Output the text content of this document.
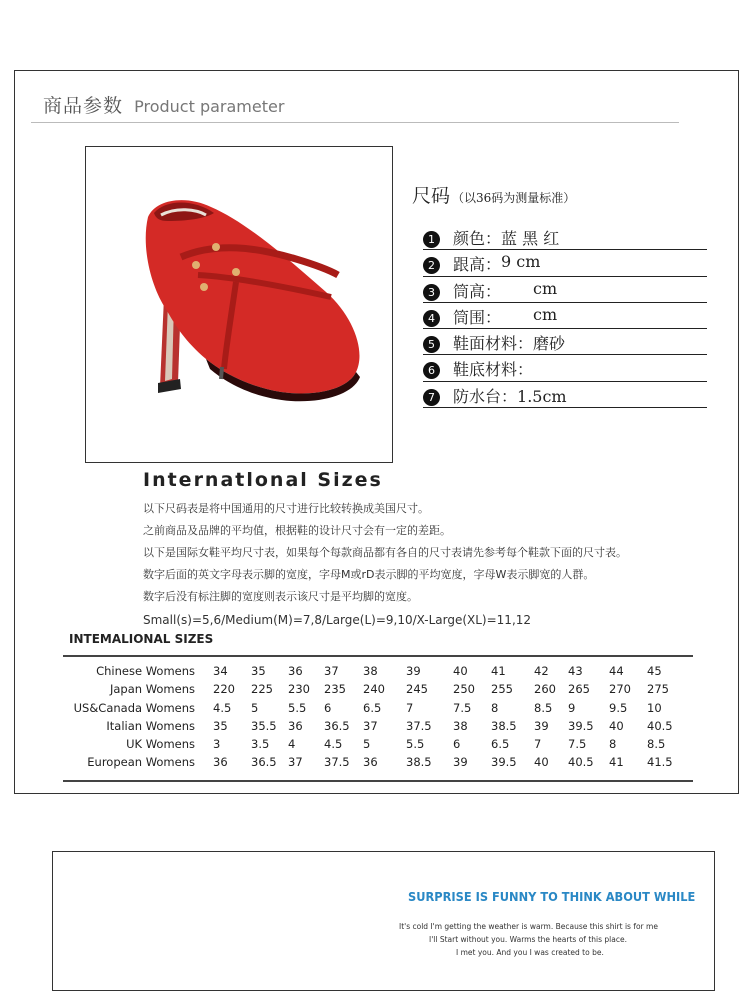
商品参数 Product parameter
尺码 （以36码为测量标准）
1 颜色：蓝 黑 红
2 跟高： 9 cm
3 筒高： cm
4 筒围： cm
5 鞋面材料：磨砂
6 鞋底材料：
7 防水台：1.5cm
Internatlonal Sizes
以下尺码表是将中国通用的尺寸进行比较转换成美国尺寸。
之前商品及品牌的平均值，根据鞋的设计尺寸会有一定的差距。
以下是国际女鞋平均尺寸表，如果每个每款商品都有各自的尺寸表请先参考每个鞋款下面的尺寸表。
数字后面的英文字母表示脚的宽度，字母M或rD表示脚的平均宽度，字母W表示脚宽的人群。
数字后没有标注脚的宽度则表示该尺寸是平均脚的宽度。
Small(s)=5,6/Medium(M)=7,8/Large(L)=9,10/X-Large(XL)=11,12
INTEMALIONAL SIZES
Chinese Womens 34 35 36 37 38 39	40 41 42 43 44 45
Japan Womens 220 225 230 235 240 245 250 255 260 265 270 275
US&Canada Womens 4.5 5	5.5 6	6.5 7	7.5 8	8.5 9	9.5 10
Italian Womens 35 35.5 36 36.5 37 37.5 38 38.5 39 39.5 40 40.5
UK Womens 3	3.5 4 4.5 5	5.5 6	6.5 7 7.5 8	8.5
European Womens 36 36.5 37 37.5 36 38.5 39 39.5 40 40.5 41 41.5
SURPRISE IS FUNNY TO THINK ABOUT WHILE
It's cold I'm getting the weather is warm. Because this shirt is for me
I'll Start without you. Warms the hearts of this place.
I met you. And you I was created to be.
